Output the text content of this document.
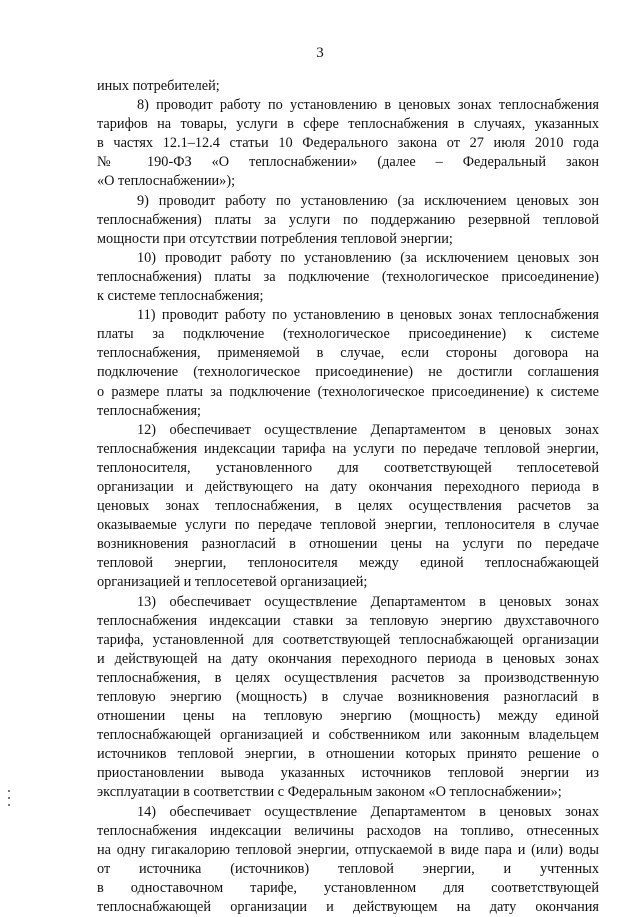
3
иных потребителей;
8) проводит работу по установлению в ценовых зонах теплоснабжения
тарифов на товары, услуги в сфере теплоснабжения в случаях, указанных
в частях 12.1–12.4 статьи 10 Федерального закона от 27 июля 2010 года
№ 190-ФЗ «О теплоснабжении» (далее – Федеральный закон
«О теплоснабжении»);
9) проводит работу по установлению (за исключением ценовых зон
теплоснабжения) платы за услуги по поддержанию резервной тепловой
мощности при отсутствии потребления тепловой энергии;
10) проводит работу по установлению (за исключением ценовых зон
теплоснабжения) платы за подключение (технологическое присоединение)
к системе теплоснабжения;
11) проводит работу по установлению в ценовых зонах теплоснабжения
платы за подключение (технологическое присоединение) к системе
теплоснабжения, применяемой в случае, если стороны договора на
подключение (технологическое присоединение) не достигли соглашения
о размере платы за подключение (технологическое присоединение) к системе
теплоснабжения;
12) обеспечивает осуществление Департаментом в ценовых зонах
теплоснабжения индексации тарифа на услуги по передаче тепловой энергии,
теплоносителя, установленного для соответствующей теплосетевой
организации и действующего на дату окончания переходного периода в
ценовых зонах теплоснабжения, в целях осуществления расчетов за
оказываемые услуги по передаче тепловой энергии, теплоносителя в случае
возникновения разногласий в отношении цены на услуги по передаче
тепловой энергии, теплоносителя между единой теплоснабжающей
организацией и теплосетевой организацией;
13) обеспечивает осуществление Департаментом в ценовых зонах
теплоснабжения индексации ставки за тепловую энергию двухставочного
тарифа, установленной для соответствующей теплоснабжающей организации
и действующей на дату окончания переходного периода в ценовых зонах
теплоснабжения, в целях осуществления расчетов за производственную
тепловую энергию (мощность) в случае возникновения разногласий в
отношении цены на тепловую энергию (мощность) между единой
теплоснабжающей организацией и собственником или законным владельцем
источников тепловой энергии, в отношении которых принято решение о
приостановлении вывода указанных источников тепловой энергии из
эксплуатации в соответствии с Федеральным законом «О теплоснабжении»;
14) обеспечивает осуществление Департаментом в ценовых зонах
теплоснабжения индексации величины расходов на топливо, отнесенных
на одну гигакалорию тепловой энергии, отпускаемой в виде пара и (или) воды
от источника (источников) тепловой энергии, и учтенных
в одноставочном тарифе, установленном для соответствующей
теплоснабжающей организации и действующем на дату окончания
